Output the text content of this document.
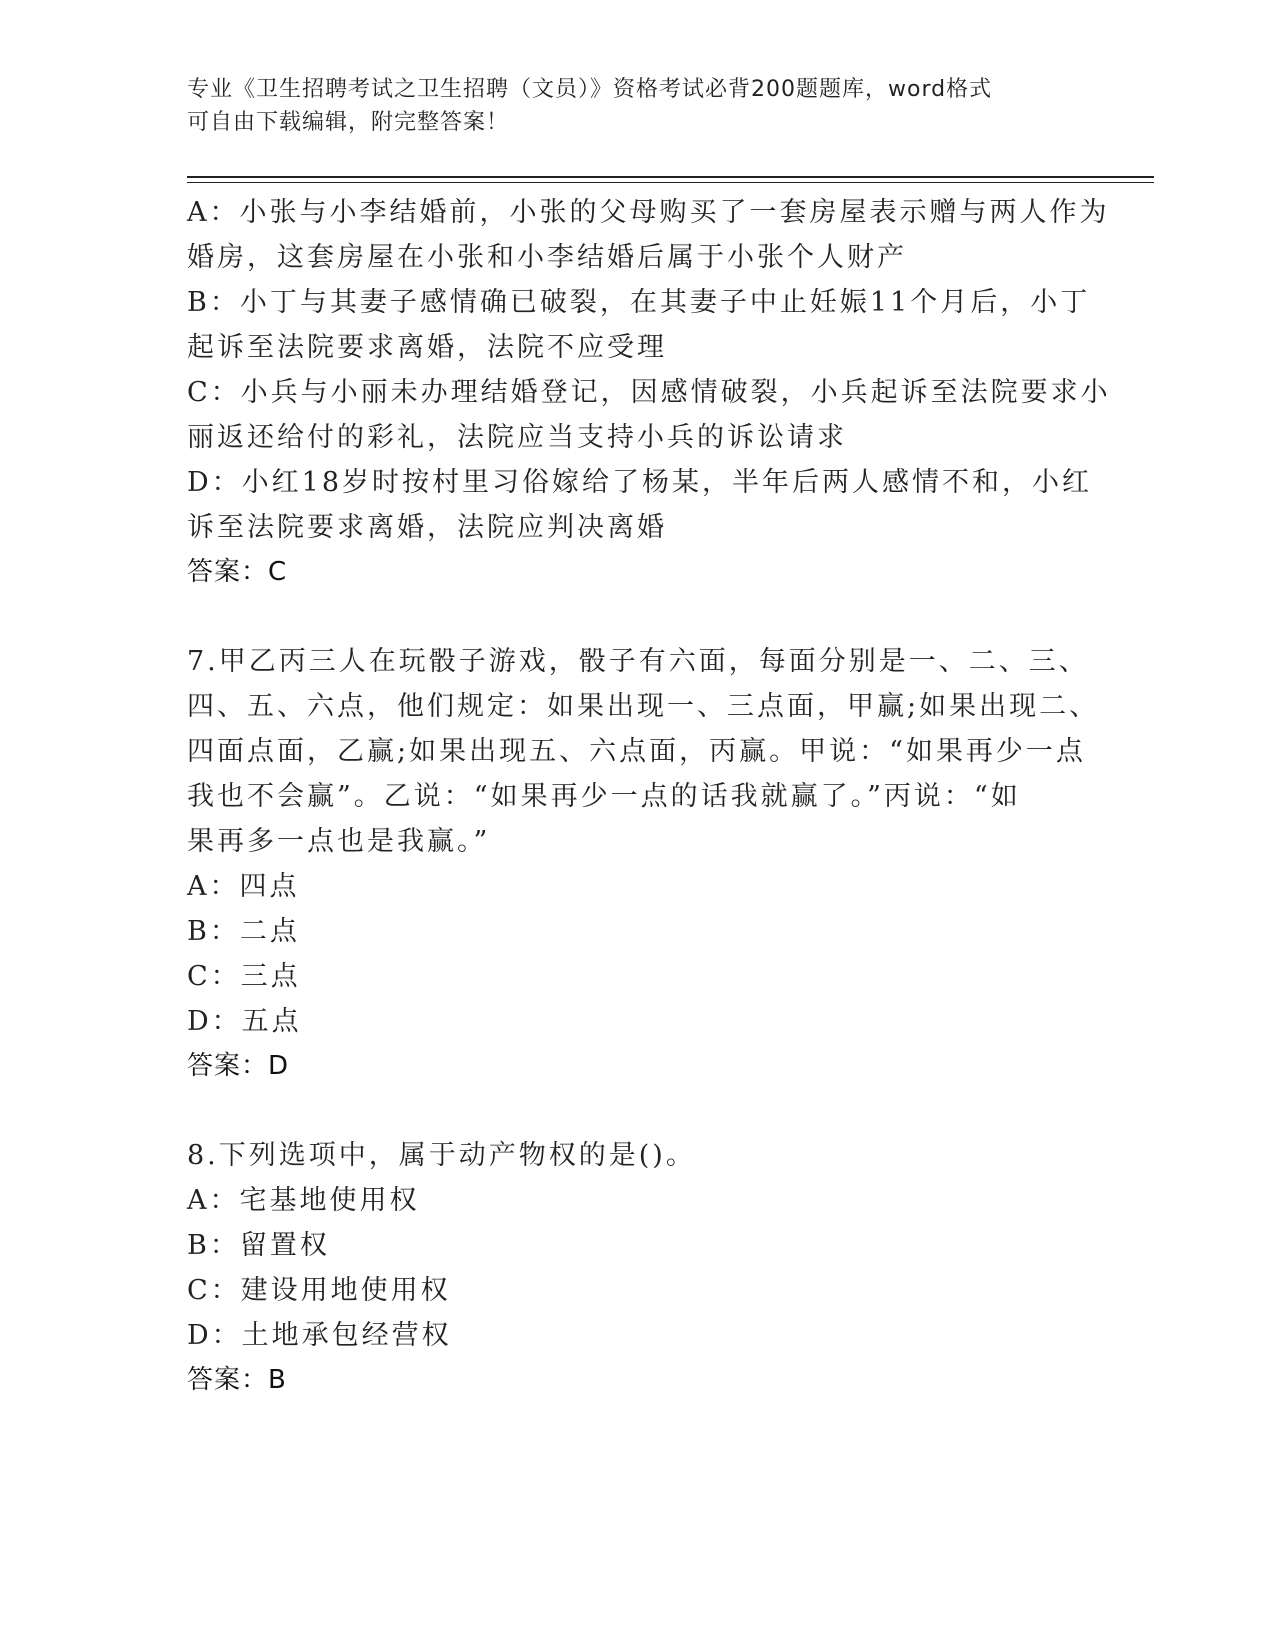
专业《卫生招聘考试之卫生招聘（文员）》资格考试必背200题题库，word格式
可自由下载编辑，附完整答案！
A：小张与小李结婚前，小张的父母购买了一套房屋表示赠与两人作为
婚房，这套房屋在小张和小李结婚后属于小张个人财产
B：小丁与其妻子感情确已破裂，在其妻子中止妊娠11个月后，小丁
起诉至法院要求离婚，法院不应受理
C：小兵与小丽未办理结婚登记，因感情破裂，小兵起诉至法院要求小
丽返还给付的彩礼，法院应当支持小兵的诉讼请求
D：小红18岁时按村里习俗嫁给了杨某，半年后两人感情不和，小红
诉至法院要求离婚，法院应判决离婚
答案：C
7.甲乙丙三人在玩骰子游戏，骰子有六面，每面分别是一、二、三、
四、五、六点，他们规定：如果出现一、三点面，甲赢;如果出现二、
四面点面，乙赢;如果出现五、六点面，丙赢。甲说：“如果再少一点
我也不会赢”。乙说：“如果再少一点的话我就赢了。”丙说：“如
果再多一点也是我赢。”
A：四点
B：二点
C：三点
D：五点
答案：D
8.下列选项中，属于动产物权的是()。
A：宅基地使用权
B：留置权
C：建设用地使用权
D：土地承包经营权
答案：B
